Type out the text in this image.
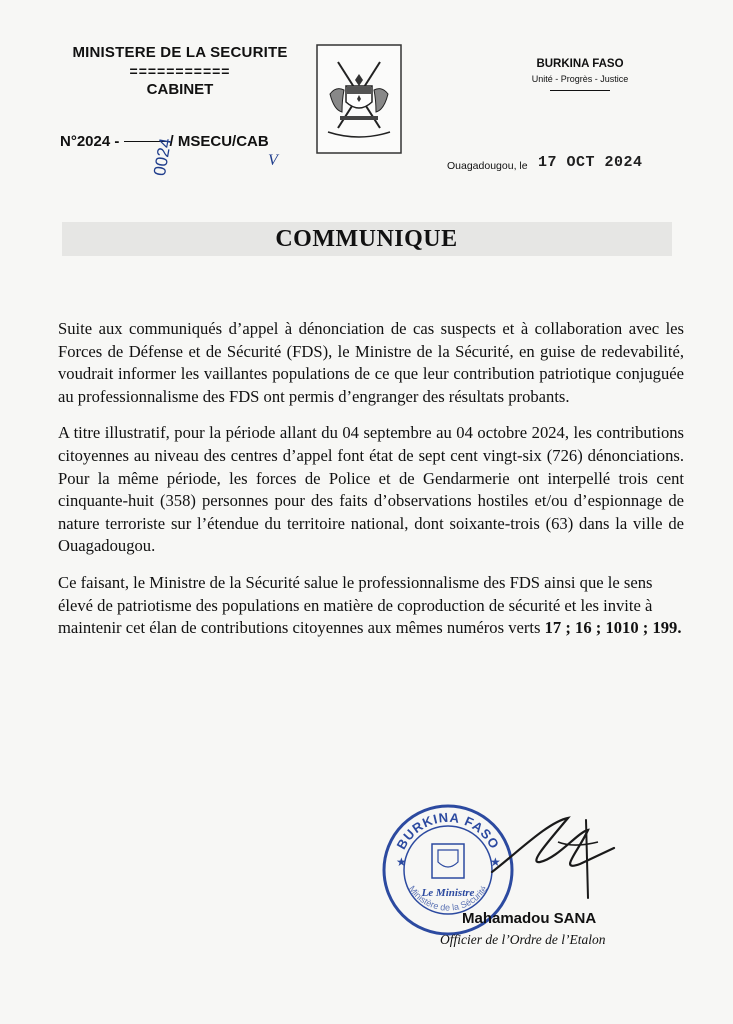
MINISTERE DE LA SECURITE
===========
CABINET
N°2024 -	/ MSECU/CAB
0024	V
BURKINA FASO
Unité - Progrès - Justice
Ouagadougou, le 17 OCT 2024
COMMUNIQUE

Suite aux communiqués d’appel à dénonciation de cas suspects et à collaboration avec les Forces de Défense et de Sécurité (FDS), le Ministre de la Sécurité, en guise de redevabilité, voudrait informer les vaillantes populations de ce que leur contribution patriotique conjuguée au professionnalisme des FDS ont permis d’engranger des résultats probants.

A titre illustratif, pour la période allant du 04 septembre au 04 octobre 2024, les contributions citoyennes au niveau des centres d’appel font état de sept cent vingt-six (726) dénonciations. Pour la même période, les forces de Police et de Gendarmerie ont interpellé trois cent cinquante-huit (358) personnes pour des faits d’observations hostiles et/ou d’espionnage de nature terroriste sur l’étendue du territoire national, dont soixante-trois (63) dans la ville de Ouagadougou.

Ce faisant, le Ministre de la Sécurité salue le professionnalisme des FDS ainsi que le sens élevé de patriotisme des populations en matière de coproduction de sécurité et les invite à maintenir cet élan de contributions citoyennes aux mêmes numéros verts 17 ; 16 ; 1010 ; 199.

BURKINA FASO
Ministère de la Sécurité
Le Ministre
★	★
Mahamadou SANA
Officier de l’Ordre de l’Etalon
